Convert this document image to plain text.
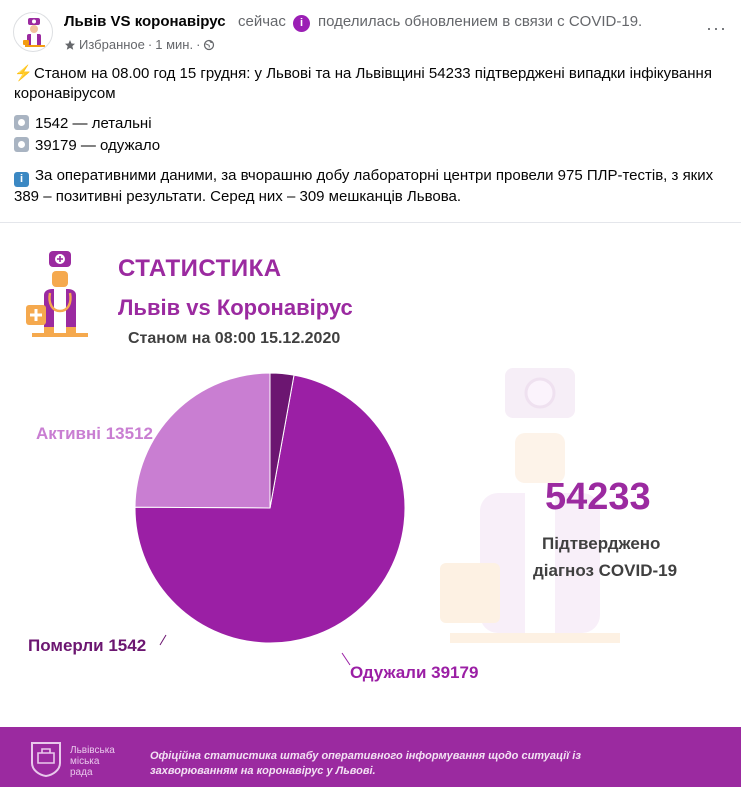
Львів VS коронавірус сейчас	i поделилась обновлением в связи с COVID-19.
Избранное · 1 мин. ·
···

⚡Станом на 08.00 год 15 грудня: у Львові та на Львівщині 54233 підтверджені випадки інфікування коронавірусом

1542 — летальні

39179 — одужало

i За оперативними даними, за вчорашню добу лабораторні центри провели 975 ПЛР-тестів, з яких 389 – позитивні результати. Серед них – 309 мешканців Львова.

СТАТИСТИКА
Львів vs Коронавірус
Станом на 08:00 15.12.2020
Активні 13512
Померли 1542
Одужали 39179
54233
Підтверджено
діагноз COVID-19
Львівська
міська
рада
Офіційна статистика штабу оперативного інформування щодо ситуації із захворюванням на коронавірус у Львові.
